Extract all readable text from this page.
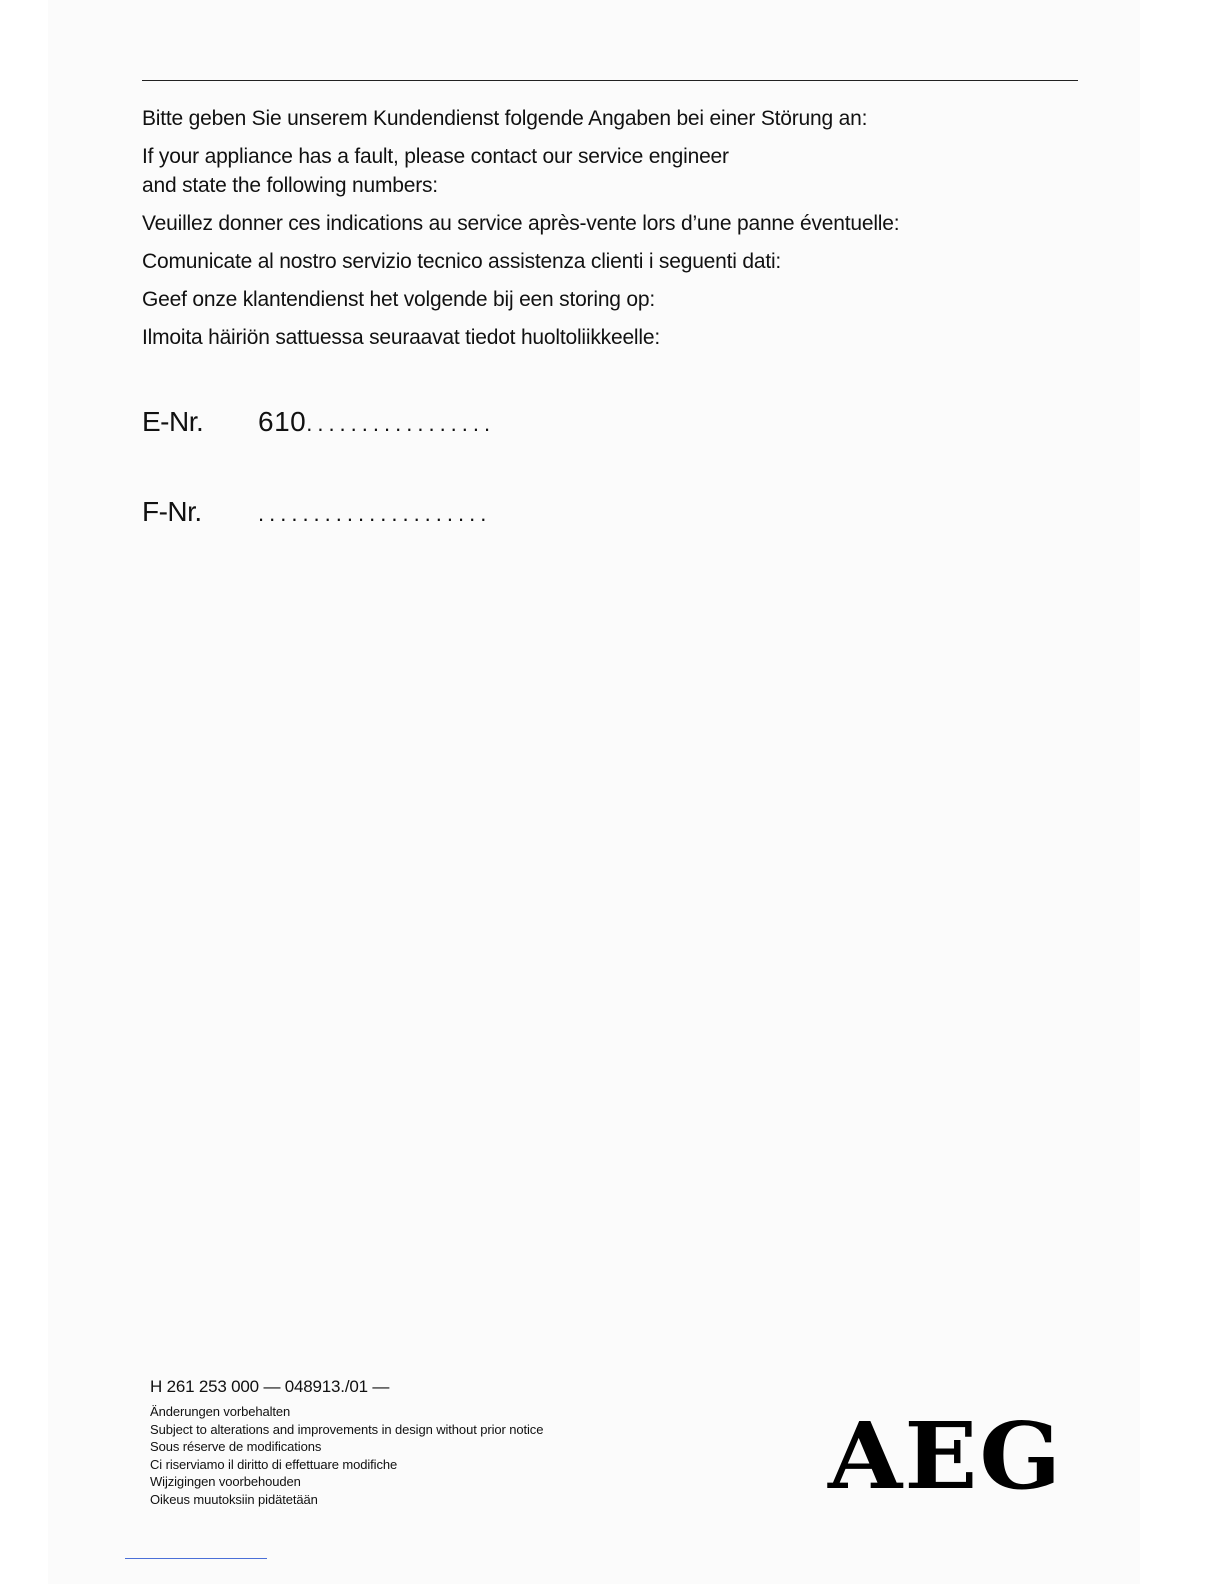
Bitte geben Sie unserem Kundendienst folgende Angaben bei einer Störung an:

If your appliance has a fault, please contact our service engineer
and state the following numbers:

Veuillez donner ces indications au service après-vente lors d’une panne éventuelle:

Comunicate al nostro servizio tecnico assistenza clienti i seguenti dati:

Geef onze klantendienst het volgende bij een storing op:

Ilmoita häiriön sattuessa seuraavat tiedot huoltoliikkeelle:

E-Nr.	610 .................
F-Nr.	.....................
H 261 253 000 — 048913./01 —
Änderungen vorbehalten
Subject to alterations and improvements in design without prior notice
Sous réserve de modifications
Ci riserviamo il diritto di effettuare modifiche
Wijzigingen voorbehouden
Oikeus muutoksiin pidätetään	AEG
